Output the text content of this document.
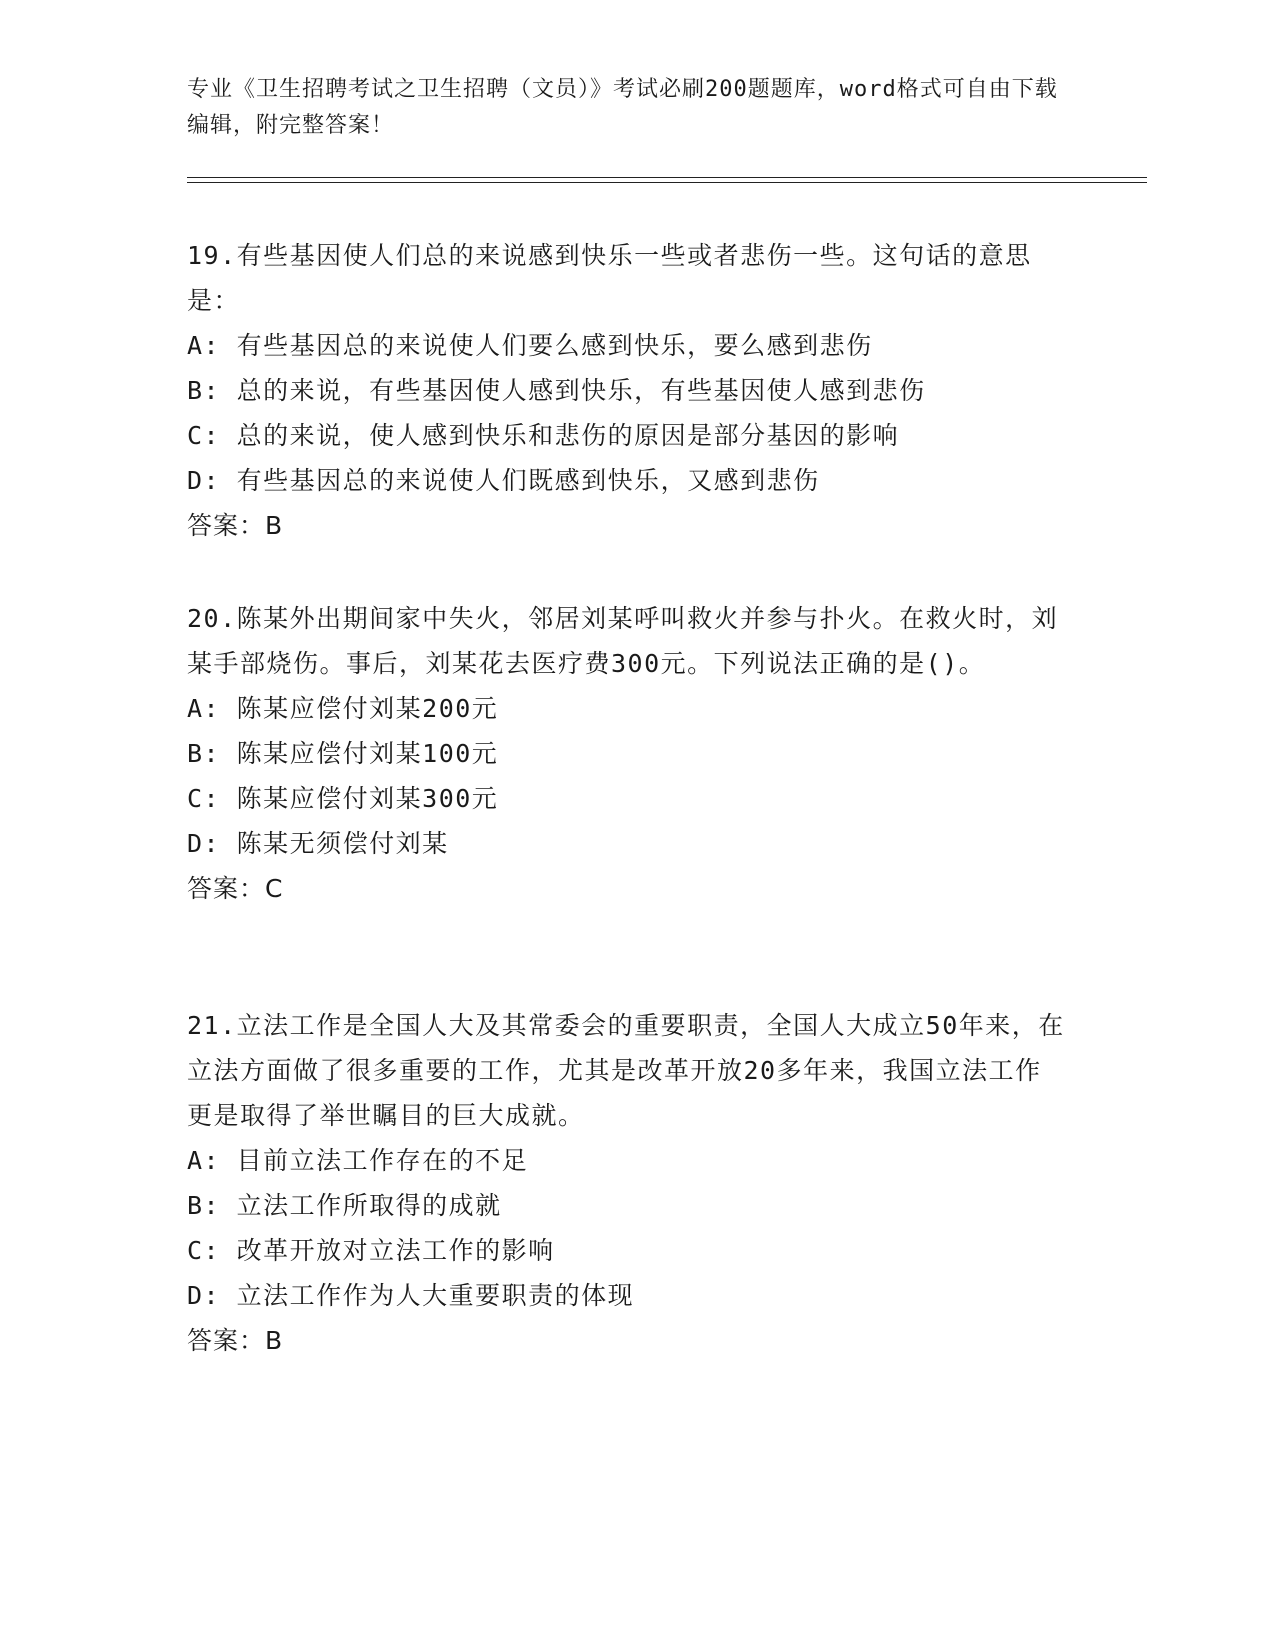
专业《卫生招聘考试之卫生招聘（文员）》考试必刷200题题库，word格式可自由下载编辑，附完整答案！

19.有些基因使人们总的来说感到快乐一些或者悲伤一些。这句话的意思是：

A: 有些基因总的来说使人们要么感到快乐，要么感到悲伤

B: 总的来说，有些基因使人感到快乐，有些基因使人感到悲伤

C: 总的来说，使人感到快乐和悲伤的原因是部分基因的影响

D: 有些基因总的来说使人们既感到快乐，又感到悲伤

答案：B

20.陈某外出期间家中失火，邻居刘某呼叫救火并参与扑火。在救火时，刘某手部烧伤。事后，刘某花去医疗费300元。下列说法正确的是()。

A: 陈某应偿付刘某200元

B: 陈某应偿付刘某100元

C: 陈某应偿付刘某300元

D: 陈某无须偿付刘某

答案：C

21.立法工作是全国人大及其常委会的重要职责，全国人大成立50年来，在立法方面做了很多重要的工作，尤其是改革开放20多年来，我国立法工作更是取得了举世瞩目的巨大成就。

A: 目前立法工作存在的不足

B: 立法工作所取得的成就

C: 改革开放对立法工作的影响

D: 立法工作作为人大重要职责的体现

答案：B
